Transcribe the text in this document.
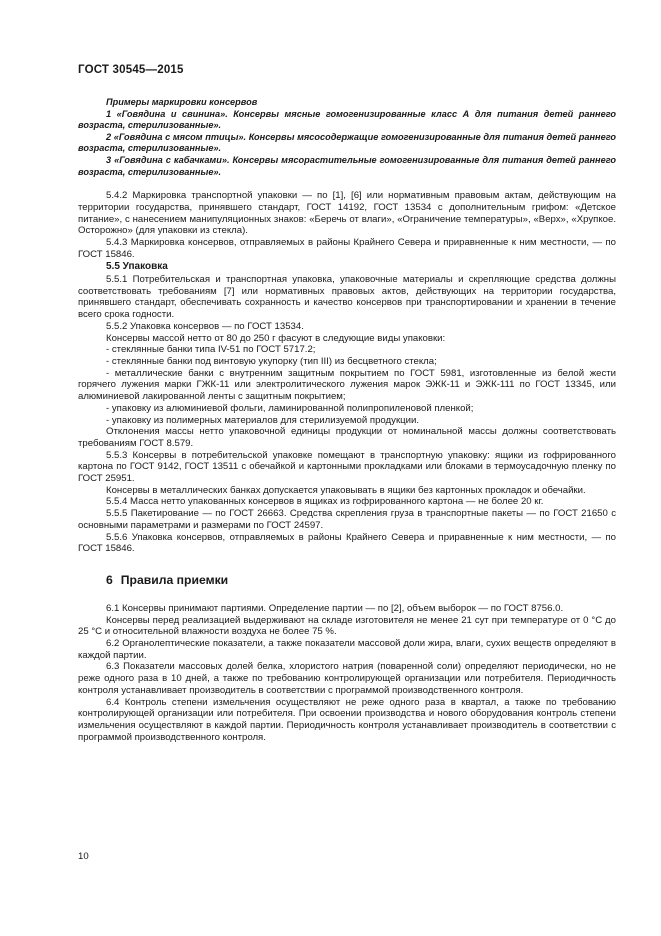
ГОСТ 30545—2015

Примеры маркировки консервов

1 «Говядина и свинина». Консервы мясные гомогенизированные класс А для питания детей раннего возраста, стерилизованные».

2 «Говядина с мясом птицы». Консервы мясосодержащие гомогенизированные для питания детей раннего возраста, стерилизованные».

3 «Говядина с кабачками». Консервы мясорастительные гомогенизированные для питания детей раннего возраста, стерилизованные».

5.4.2 Маркировка транспортной упаковки — по [1], [6] или нормативным правовым актам, действующим на территории государства, принявшего стандарт, ГОСТ 14192, ГОСТ 13534 с дополнительным грифом: «Детское питание», с нанесением манипуляционных знаков: «Беречь от влаги», «Ограничение температуры», «Верх», «Хрупкое. Осторожно» (для упаковки из стекла).

5.4.3 Маркировка консервов, отправляемых в районы Крайнего Севера и приравненные к ним местности, — по ГОСТ 15846.

5.5 Упаковка

5.5.1 Потребительская и транспортная упаковка, упаковочные материалы и скрепляющие средства должны соответствовать требованиям [7] или нормативных правовых актов, действующих на территории государства, принявшего стандарт, обеспечивать сохранность и качество консервов при транспортировании и хранении в течение всего срока годности.

5.5.2 Упаковка консервов — по ГОСТ 13534.

Консервы массой нетто от 80 до 250 г фасуют в следующие виды упаковки:

- стеклянные банки типа IV-51 по ГОСТ 5717.2;

- стеклянные банки под винтовую укупорку (тип III) из бесцветного стекла;

- металлические банки с внутренним защитным покрытием по ГОСТ 5981, изготовленные из белой жести горячего лужения марки ГЖК-11 или электролитического лужения марок ЭЖК-11 и ЭЖК-111 по ГОСТ 13345, или алюминиевой лакированной ленты с защитным покрытием;

- упаковку из алюминиевой фольги, ламинированной полипропиленовой пленкой;

- упаковку из полимерных материалов для стерилизуемой продукции.

Отклонения массы нетто упаковочной единицы продукции от номинальной массы должны соответствовать требованиям ГОСТ 8.579.

5.5.3 Консервы в потребительской упаковке помещают в транспортную упаковку: ящики из гофрированного картона по ГОСТ 9142, ГОСТ 13511 с обечайкой и картонными прокладками или блоками в термоусадочную пленку по ГОСТ 25951.

Консервы в металлических банках допускается упаковывать в ящики без картонных прокладок и обечайки.

5.5.4 Масса нетто упакованных консервов в ящиках из гофрированного картона — не более 20 кг.

5.5.5 Пакетирование — по ГОСТ 26663. Средства скрепления груза в транспортные пакеты — по ГОСТ 21650 с основными параметрами и размерами по ГОСТ 24597.

5.5.6 Упаковка консервов, отправляемых в районы Крайнего Севера и приравненные к ним местности, — по ГОСТ 15846.

6 Правила приемки

6.1 Консервы принимают партиями. Определение партии — по [2], объем выборок — по ГОСТ 8756.0.

Консервы перед реализацией выдерживают на складе изготовителя не менее 21 сут при температуре от 0 °С до 25 °С и относительной влажности воздуха не более 75 %.

6.2 Органолептические показатели, а также показатели массовой доли жира, влаги, сухих веществ определяют в каждой партии.

6.3 Показатели массовых долей белка, хлористого натрия (поваренной соли) определяют периодически, но не реже одного раза в 10 дней, а также по требованию контролирующей организации или потребителя. Периодичность контроля устанавливает производитель в соответствии с программой производственного контроля.

6.4 Контроль степени измельчения осуществляют не реже одного раза в квартал, а также по требованию контролирующей организации или потребителя. При освоении производства и нового оборудования контроль степени измельчения осуществляют в каждой партии. Периодичность контроля устанавливает производитель в соответствии с программой производственного контроля.

10
